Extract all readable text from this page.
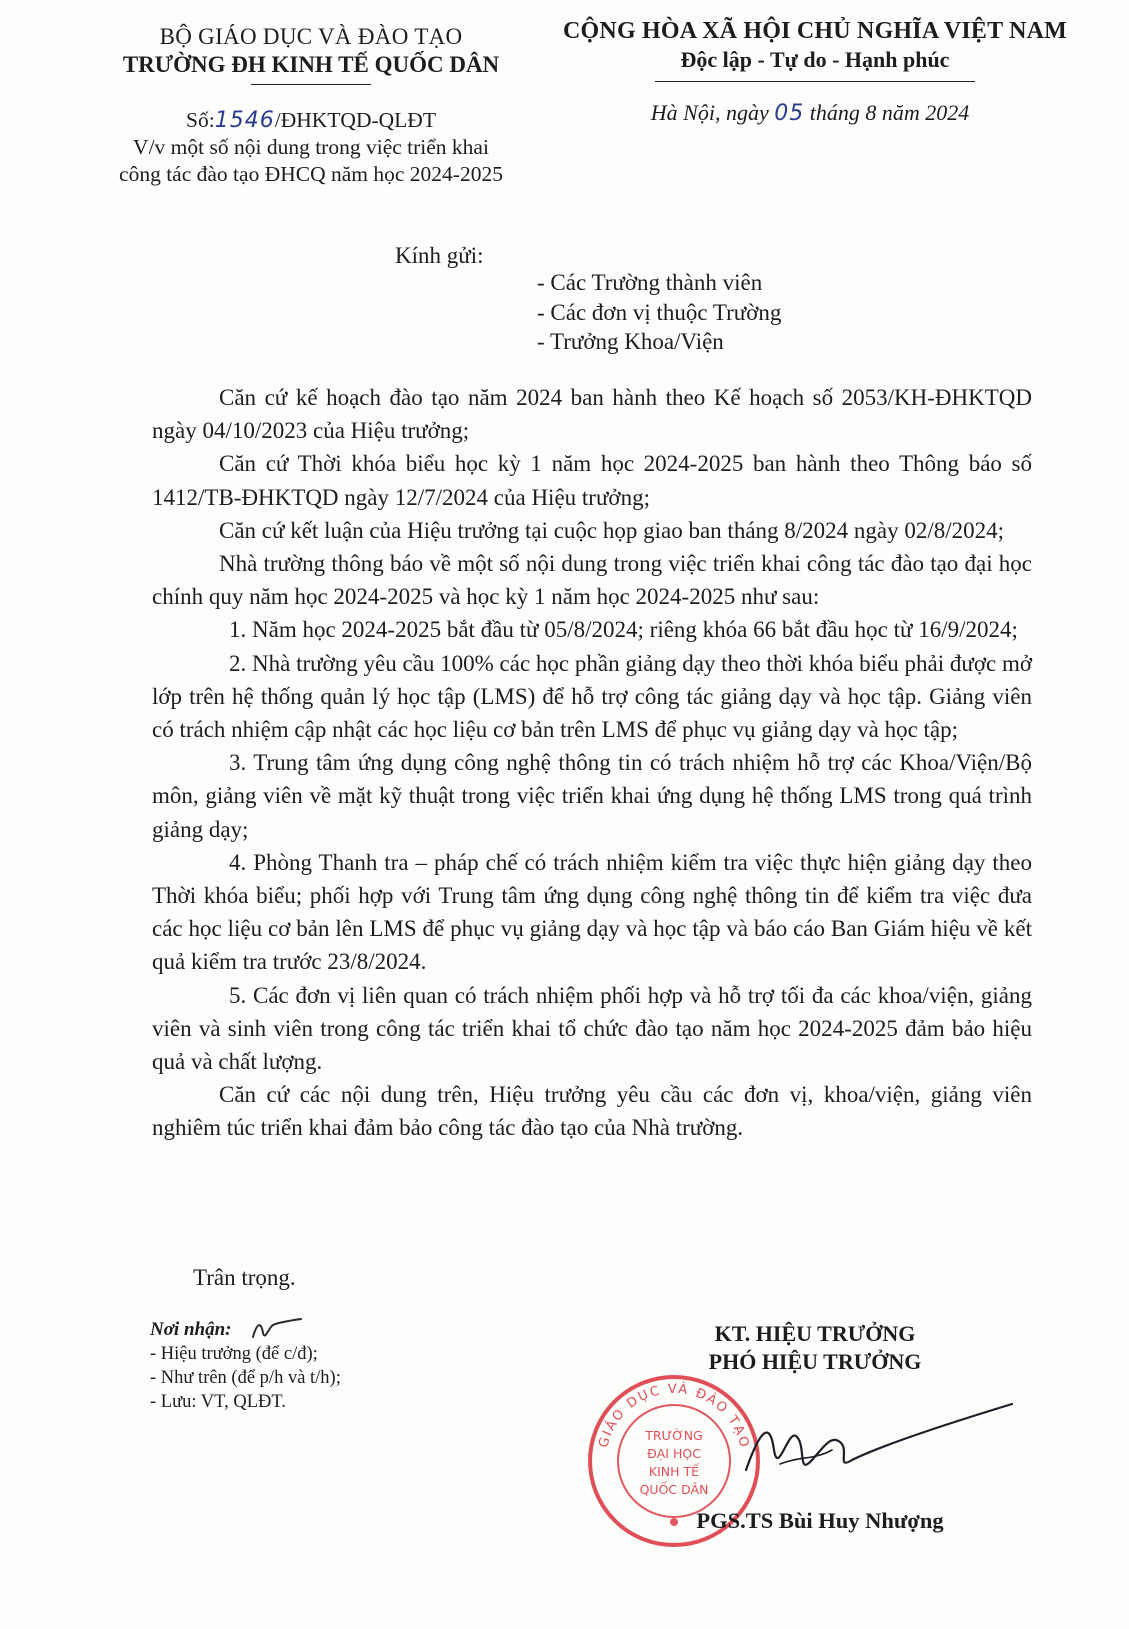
BỘ GIÁO DỤC VÀ ĐÀO TẠO
TRƯỜNG ĐH KINH TẾ QUỐC DÂN
CỘNG HÒA XÃ HỘI CHỦ NGHĨA VIỆT NAM
Độc lập - Tự do - Hạnh phúc
Số:1546/ĐHKTQD-QLĐT
V/v một số nội dung trong việc triển khai
công tác đào tạo ĐHCQ năm học 2024-2025
Hà Nội, ngày 05 tháng 8 năm 2024
Kính gửi:
- Các Trường thành viên
- Các đơn vị thuộc Trường
- Trưởng Khoa/Viện

Căn cứ kế hoạch đào tạo năm 2024 ban hành theo Kế hoạch số 2053/KH-ĐHKTQD ngày 04/10/2023 của Hiệu trưởng;

Căn cứ Thời khóa biểu học kỳ 1 năm học 2024-2025 ban hành theo Thông báo số 1412/TB-ĐHKTQD ngày 12/7/2024 của Hiệu trưởng;

Căn cứ kết luận của Hiệu trưởng tại cuộc họp giao ban tháng 8/2024 ngày 02/8/2024;

Nhà trường thông báo về một số nội dung trong việc triển khai công tác đào tạo đại học chính quy năm học 2024-2025 và học kỳ 1 năm học 2024-2025 như sau:

1. Năm học 2024-2025 bắt đầu từ 05/8/2024; riêng khóa 66 bắt đầu học từ 16/9/2024;

2. Nhà trường yêu cầu 100% các học phần giảng dạy theo thời khóa biểu phải được mở lớp trên hệ thống quản lý học tập (LMS) để hỗ trợ công tác giảng dạy và học tập. Giảng viên có trách nhiệm cập nhật các học liệu cơ bản trên LMS để phục vụ giảng dạy và học tập;

3. Trung tâm ứng dụng công nghệ thông tin có trách nhiệm hỗ trợ các Khoa/Viện/Bộ môn, giảng viên về mặt kỹ thuật trong việc triển khai ứng dụng hệ thống LMS trong quá trình giảng dạy;

4. Phòng Thanh tra – pháp chế có trách nhiệm kiểm tra việc thực hiện giảng dạy theo Thời khóa biểu; phối hợp với Trung tâm ứng dụng công nghệ thông tin để kiểm tra việc đưa các học liệu cơ bản lên LMS để phục vụ giảng dạy và học tập và báo cáo Ban Giám hiệu về kết quả kiểm tra trước 23/8/2024.

5. Các đơn vị liên quan có trách nhiệm phối hợp và hỗ trợ tối đa các khoa/viện, giảng viên và sinh viên trong công tác triển khai tổ chức đào tạo năm học 2024-2025 đảm bảo hiệu quả và chất lượng.

Căn cứ các nội dung trên, Hiệu trưởng yêu cầu các đơn vị, khoa/viện, giảng viên nghiêm túc triển khai đảm bảo công tác đào tạo của Nhà trường.

Trân trọng.
Nơi nhận:
- Hiệu trưởng (để c/đ);
- Như trên (để p/h và t/h);
- Lưu: VT, QLĐT.
KT. HIỆU TRƯỞNG
PHÓ HIỆU TRƯỞNG
GIÁO DỤC VÀ ĐÀO TẠO
TRƯỜNG
ĐẠI HỌC
KINH TẾ
QUỐC DÂN
PGS.TS Bùi Huy Nhượng
